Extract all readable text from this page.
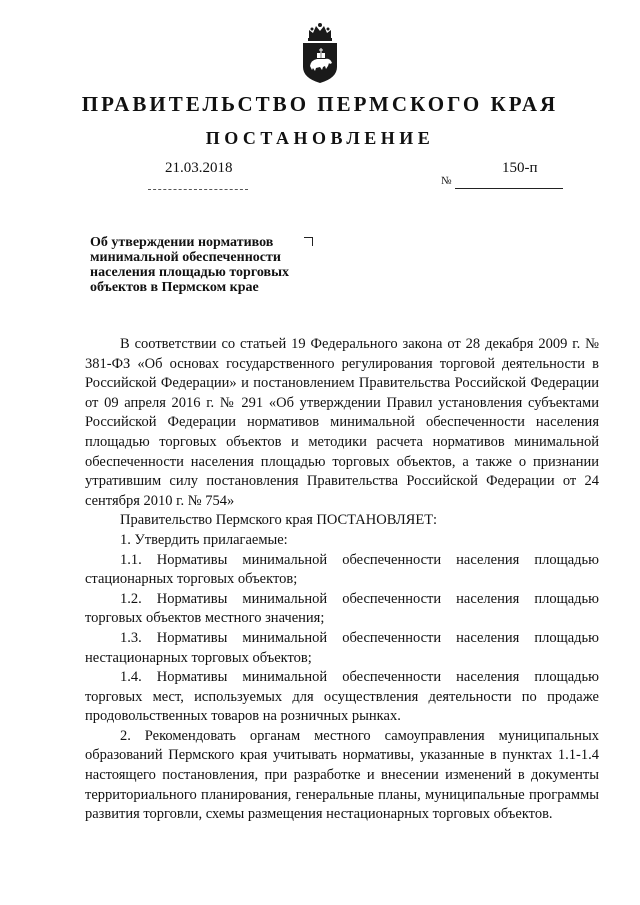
ПРАВИТЕЛЬСТВО ПЕРМСКОГО КРАЯ
ПОСТАНОВЛЕНИЕ
21.03.2018	150-п
№
Об утверждении нормативов
минимальной обеспеченности
населения площадью торговых
объектов в Пермском крае

В соответствии со статьей 19 Федерального закона от 28 декабря 2009 г. № 381-ФЗ «Об основах государственного регулирования торговой деятельности в Российской Федерации» и постановлением Правительства Российской Федерации от 09 апреля 2016 г. № 291 «Об утверждении Правил установления субъектами Российской Федерации нормативов минимальной обеспеченности населения площадью торговых объектов и методики расчета нормативов минимальной обеспеченности населения площадью торговых объектов, а также о признании утратившим силу постановления Правительства Российской Федерации от 24 сентября 2010 г. № 754»

Правительство Пермского края ПОСТАНОВЛЯЕТ:

1. Утвердить прилагаемые:

1.1. Нормативы минимальной обеспеченности населения площадью стационарных торговых объектов;

1.2. Нормативы минимальной обеспеченности населения площадью торговых объектов местного значения;

1.3. Нормативы минимальной обеспеченности населения площадью нестационарных торговых объектов;

1.4. Нормативы минимальной обеспеченности населения площадью торговых мест, используемых для осуществления деятельности по продаже продовольственных товаров на розничных рынках.

2. Рекомендовать органам местного самоуправления муниципальных образований Пермского края учитывать нормативы, указанные в пунктах 1.1-1.4 настоящего постановления, при разработке и внесении изменений в документы территориального планирования, генеральные планы, муниципальные программы развития торговли, схемы размещения нестационарных торговых объектов.
